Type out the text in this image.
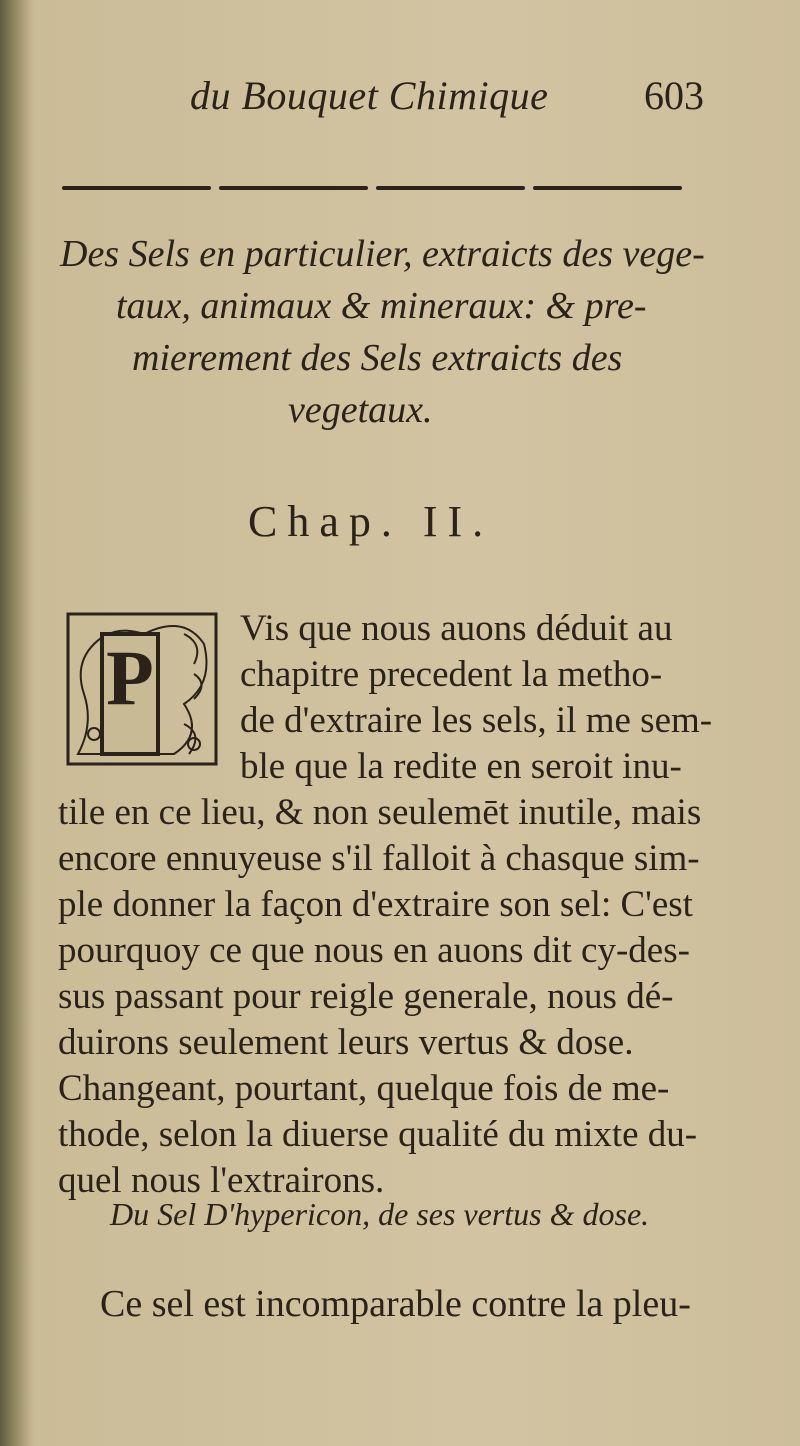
du Bouquet Chimique 603
Des Sels en particulier, extraicts des vege-
taux, animaux & mineraux: & pre-
mierement des Sels extraicts des
vegetaux.
Chap. II.
P
Vis que nous auons déduit au
chapitre precedent la metho-
de d'extraire les sels, il me sem-
ble que la redite en seroit inu-
tile en ce lieu, & non seulemēt inutile, mais
encore ennuyeuse s'il falloit à chasque sim-
ple donner la façon d'extraire son sel: C'est
pourquoy ce que nous en auons dit cy-des-
sus passant pour reigle generale, nous dé-
duirons seulement leurs vertus & dose.
Changeant, pourtant, quelque fois de me-
thode, selon la diuerse qualité du mixte du-
quel nous l'extrairons.
Du Sel D'hypericon, de ses vertus & dose.
Ce sel est incomparable contre la pleu-
